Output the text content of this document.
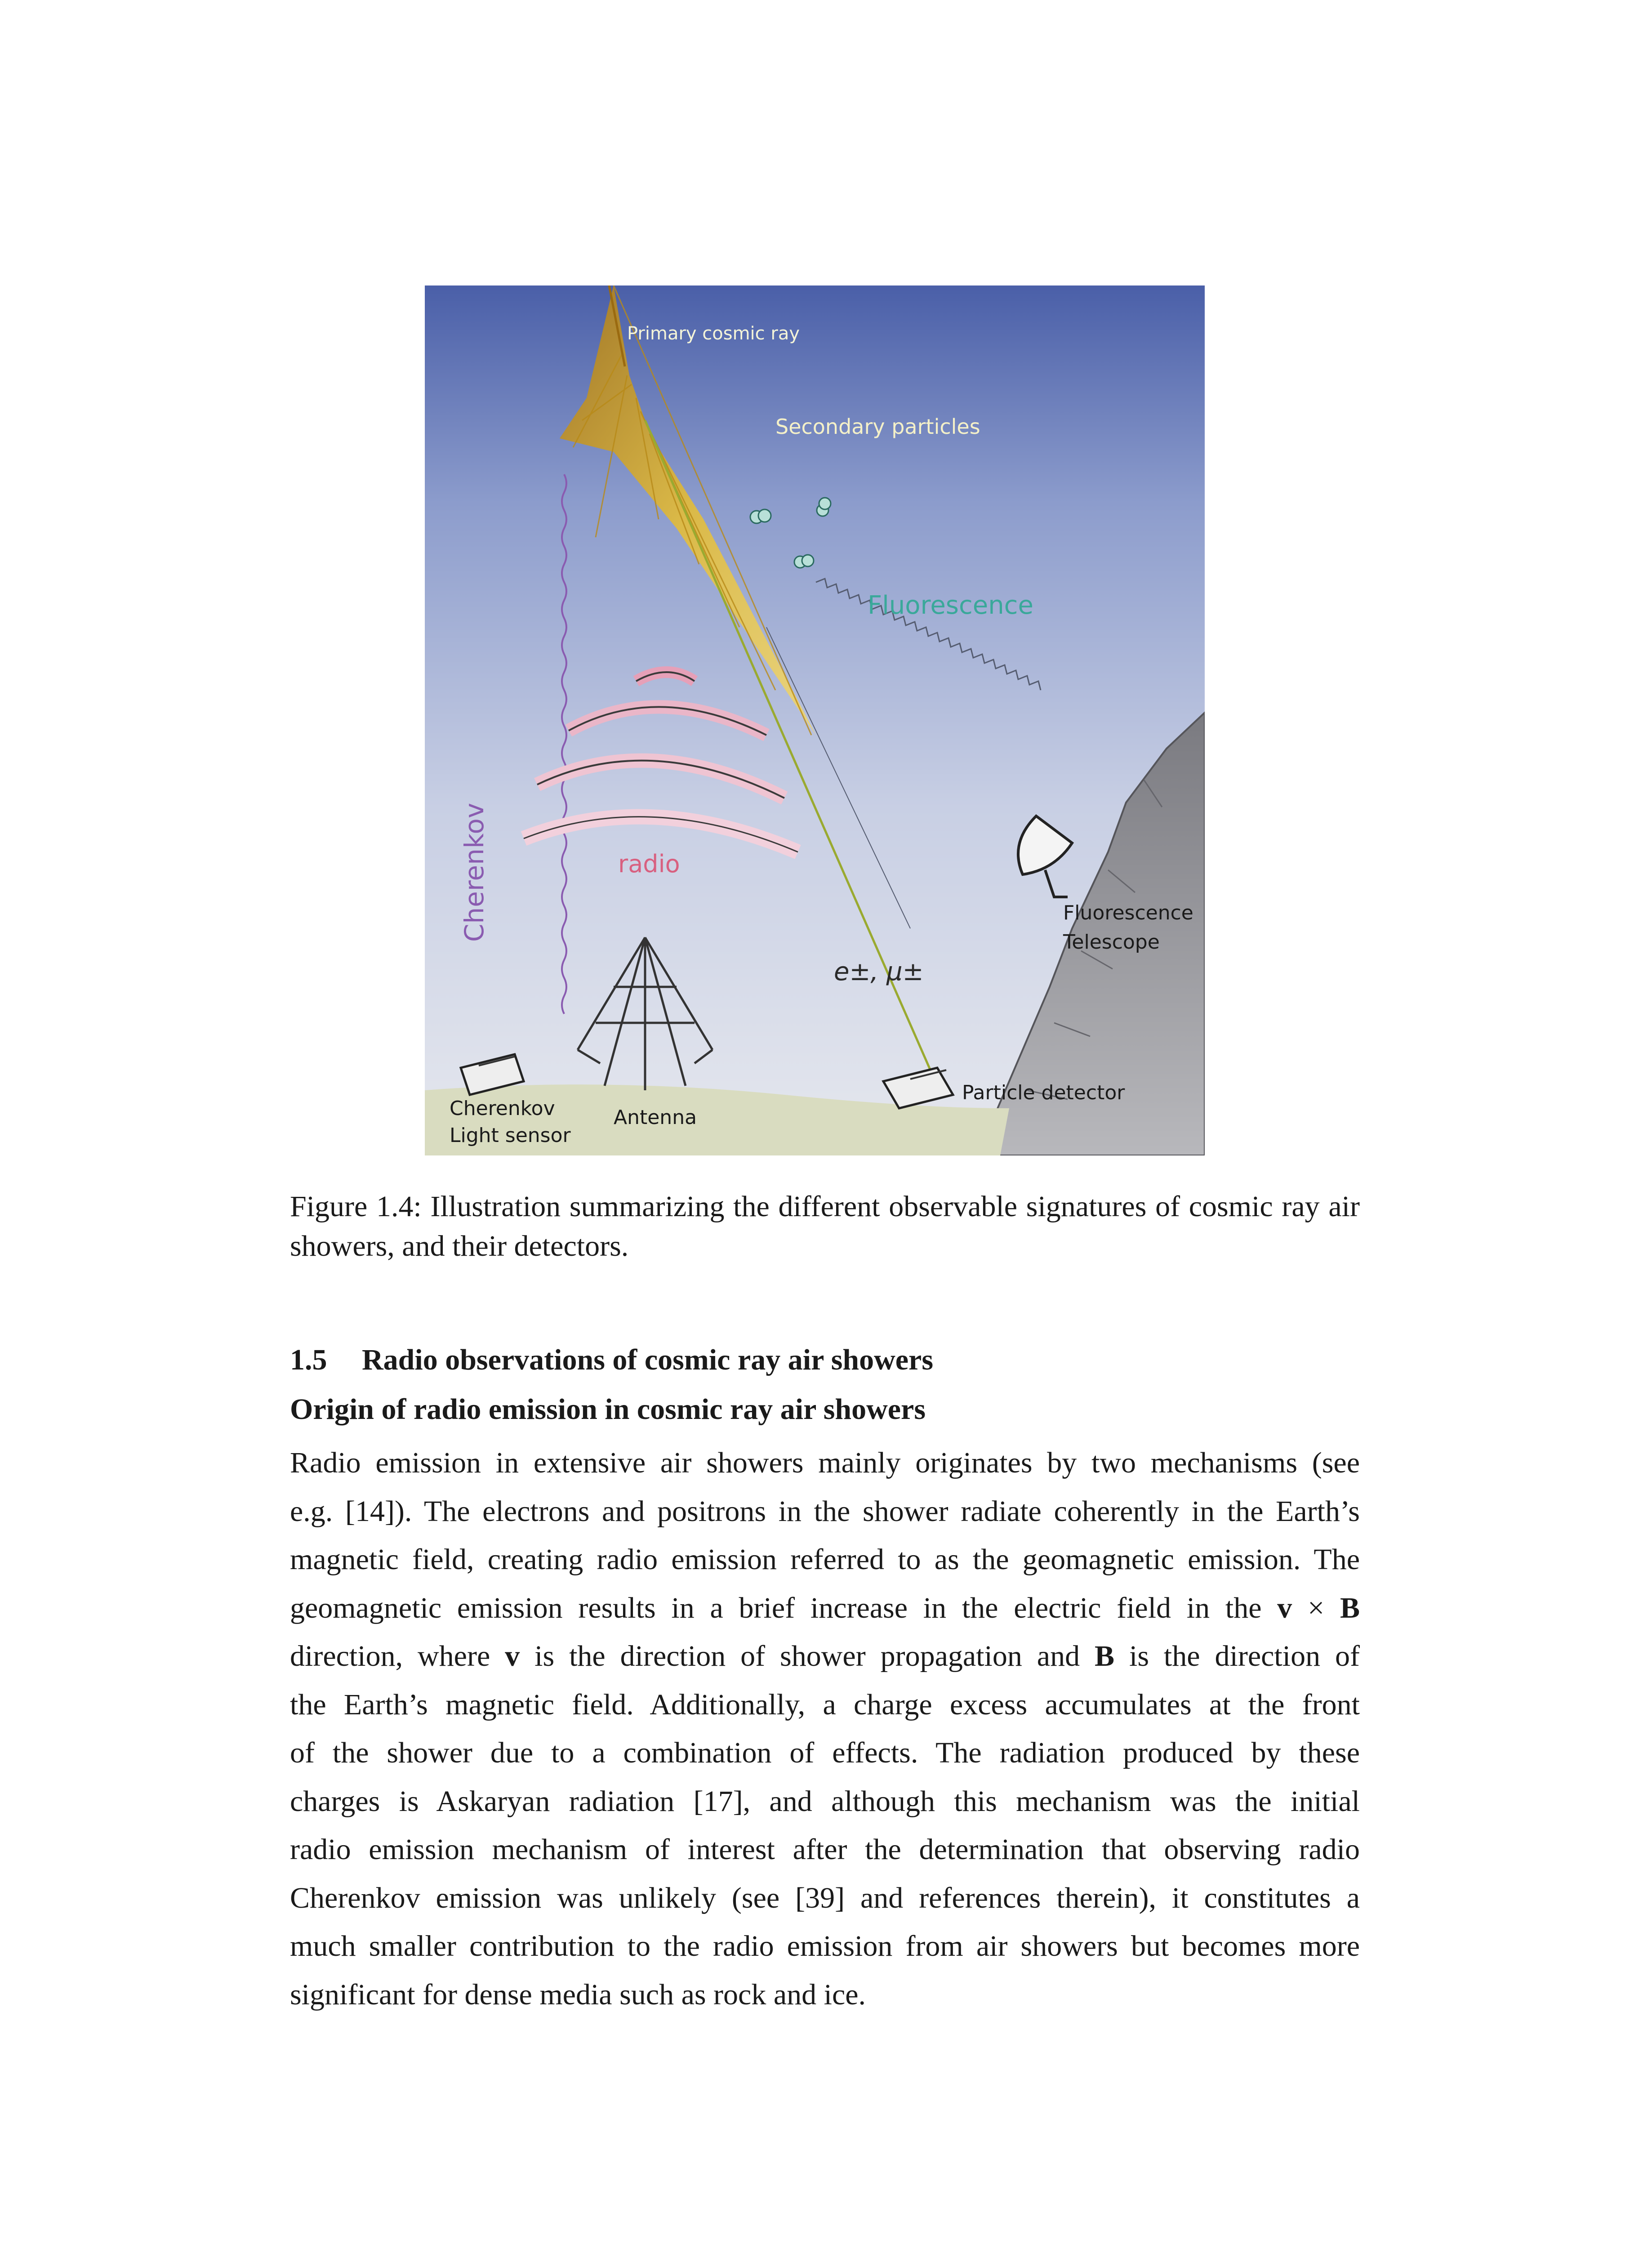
Primary cosmic ray
Secondary particles
Fluorescence
Cherenkov	radio
Fluorescence
Telescope
e±, μ±
Cherenkov
Light sensor
Antenna
Particle detector
Figure 1.4: Illustration summarizing the different observable signatures of cosmic ray air showers, and their detectors.
1.5 Radio observations of cosmic ray air showers
Origin of radio emission in cosmic ray air showers
Radio emission in extensive air showers mainly originates by two mechanisms (see
e.g. [14]). The electrons and positrons in the shower radiate coherently in the Earth’s
magnetic field, creating radio emission referred to as the geomagnetic emission. The
geomagnetic emission results in a brief increase in the electric field in the v × B
direction, where v is the direction of shower propagation and B is the direction of
the Earth’s magnetic field. Additionally, a charge excess accumulates at the front
of the shower due to a combination of effects. The radiation produced by these
charges is Askaryan radiation [17], and although this mechanism was the initial
radio emission mechanism of interest after the determination that observing radio
Cherenkov emission was unlikely (see [39] and references therein), it constitutes a
much smaller contribution to the radio emission from air showers but becomes more
significant for dense media such as rock and ice.
